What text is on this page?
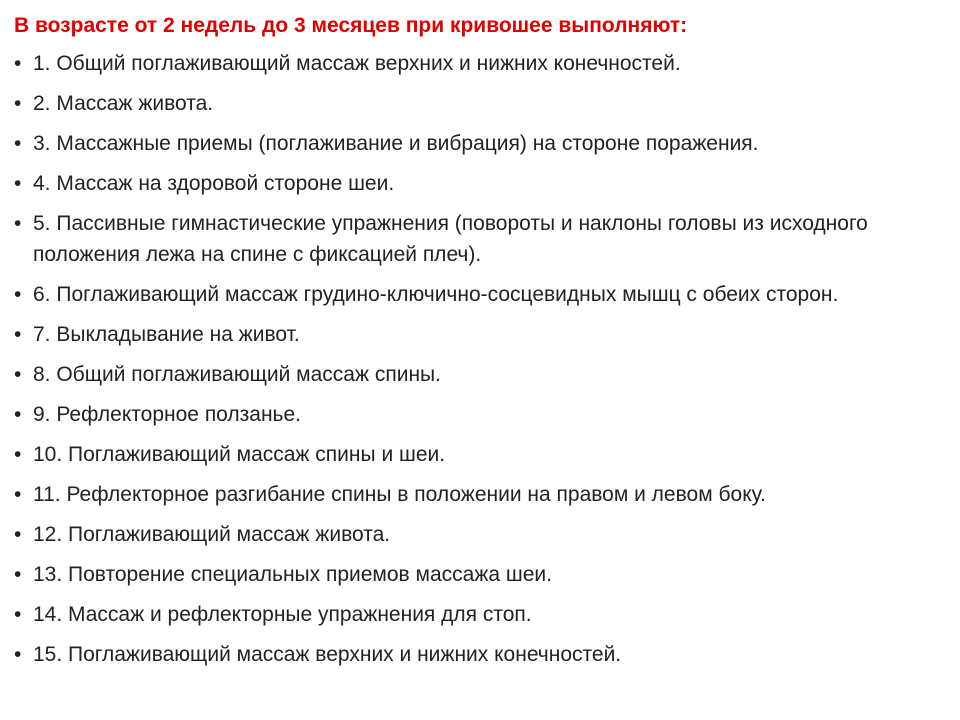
В возрасте от 2 недель до 3 месяцев при кривошее выполняют:
• 1. Общий поглаживающий массаж верхних и нижних конечностей.
• 2. Массаж живота.
• 3. Массажные приемы (поглаживание и вибрация) на стороне поражения.
• 4. Массаж на здоровой стороне шеи.
• 5. Пассивные гимнастические упражнения (повороты и наклоны головы из исходного положения лежа на спине с фиксацией плеч).
• 6. Поглаживающий массаж грудино-ключично-сосцевидных мышц с обеих сторон.
• 7. Выкладывание на живот.
• 8. Общий поглаживающий массаж спины.
• 9. Рефлекторное ползанье.
• 10. Поглаживающий массаж спины и шеи.
• 11. Рефлекторное разгибание спины в положении на правом и левом боку.
• 12. Поглаживающий массаж живота.
• 13. Повторение специальных приемов массажа шеи.
• 14. Массаж и рефлекторные упражнения для стоп.
• 15. Поглаживающий массаж верхних и нижних конечностей.
